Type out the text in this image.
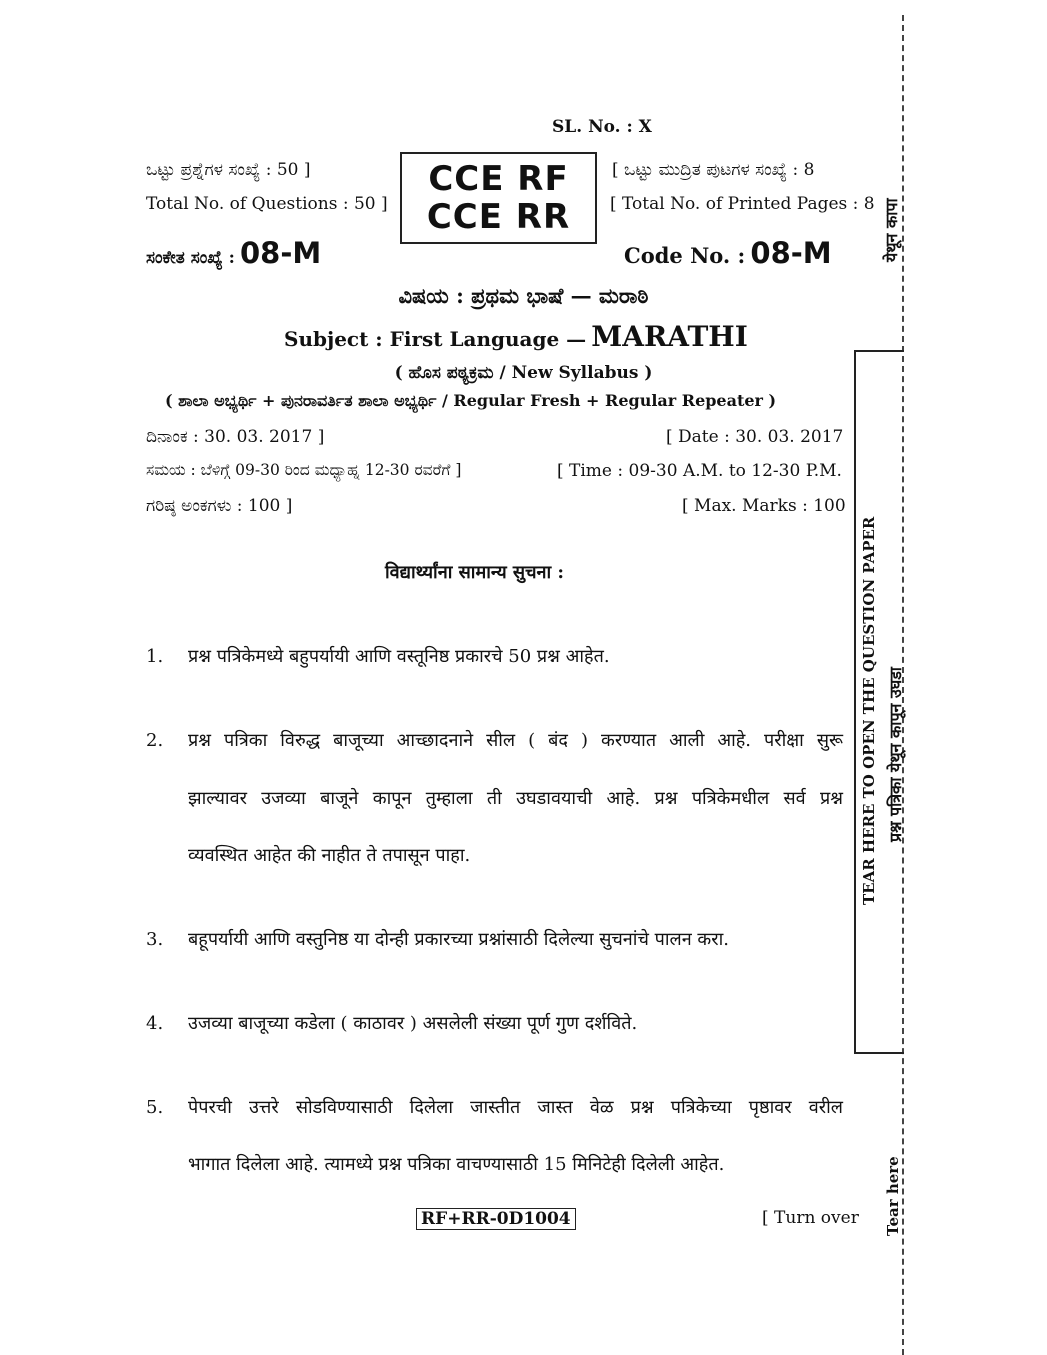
SL. No. : X
ಒಟ್ಟು ಪ್ರಶ್ನೆಗಳ ಸಂಖ್ಯೆ : 50 ]
Total No. of Questions : 50 ]
CCE RF
CCE RR
[ ಒಟ್ಟು ಮುದ್ರಿತ ಪುಟಗಳ ಸಂಖ್ಯೆ : 8
[ Total No. of Printed Pages : 8
ಸಂಕೇತ ಸಂಖ್ಯೆ : 08-M	Code No. : 08-M
ವಿಷಯ : ಪ್ರಥಮ ಭಾಷೆ — ಮರಾಠಿ
Subject : First Language — MARATHI
( ಹೊಸ ಪಠ್ಯಕ್ರಮ / New Syllabus )
( ಶಾಲಾ ಅಭ್ಯರ್ಥಿ + ಪುನರಾವರ್ತಿತ ಶಾಲಾ ಅಭ್ಯರ್ಥಿ / Regular Fresh + Regular Repeater )
ದಿನಾಂಕ : 30. 03. 2017 ]	[ Date : 30. 03. 2017
ಸಮಯ : ಬೆಳಿಗ್ಗೆ 09-30 ರಿಂದ ಮಧ್ಯಾಹ್ನ 12-30 ರವರೆಗೆ ]	[ Time : 09-30 A.M. to 12-30 P.M.
ಗರಿಷ್ಠ ಅಂಕಗಳು : 100 ]	[ Max. Marks : 100
विद्यार्थ्यांना सामान्य सुचना :
1. प्रश्न पत्रिकेमध्ये बहुपर्यायी आणि वस्तूनिष्ठ प्रकारचे 50 प्रश्न आहेत.
2. प्रश्न पत्रिका विरुद्ध बाजूच्या आच्छादनाने सील ( बंद ) करण्यात आली आहे. परीक्षा सुरू
झाल्यावर उजव्या बाजूने कापून तुम्हाला ती उघडावयाची आहे. प्रश्न पत्रिकेमधील सर्व प्रश्न
व्यवस्थित आहेत की नाहीत ते तपासून पाहा.
3. बहूपर्यायी आणि वस्तुनिष्ठ या दोन्ही प्रकारच्या प्रश्नांसाठी दिलेल्या सुचनांचे पालन करा.
4. उजव्या बाजूच्या कडेला ( काठावर ) असलेली संख्या पूर्ण गुण दर्शविते.
5. पेपरची उत्तरे सोडविण्यासाठी दिलेला जास्तीत जास्त वेळ प्रश्न पत्रिकेच्या पृष्ठावर वरील
भागात दिलेला आहे. त्यामध्ये प्रश्न पत्रिका वाचण्यासाठी 15 मिनिटेही दिलेली आहेत.
RF+RR-0D1004	[ Turn over
येथून कापा
TEAR HERE TO OPEN THE QUESTION PAPER प्रश्न पत्रिका येथून कापून उघडा
Tear here
